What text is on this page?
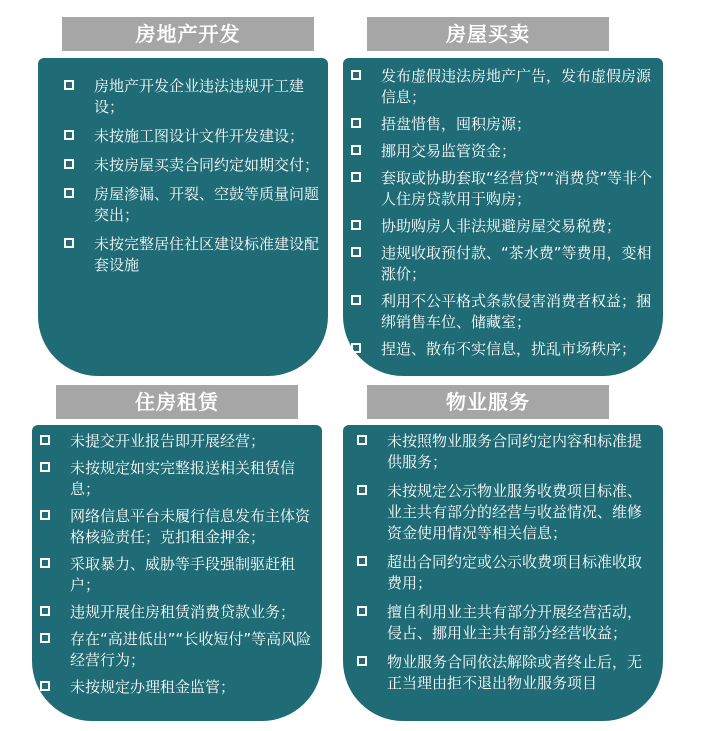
房地产开发	房屋买卖
住房租赁	物业服务
房地产开发企业违法违规开工建设；
未按施工图设计文件开发建设；
未按房屋买卖合同约定如期交付；
房屋渗漏、开裂、空鼓等质量问题突出；
未按完整居住社区建设标准建设配套设施
发布虚假违法房地产广告，发布虚假房源信息；
捂盘惜售，囤积房源；
挪用交易监管资金；
套取或协助套取“经营贷”“消费贷”等非个人住房贷款用于购房；
协助购房人非法规避房屋交易税费；
违规收取预付款、“茶水费”等费用，变相涨价；
利用不公平格式条款侵害消费者权益；捆绑销售车位、储藏室；
捏造、散布不实信息，扰乱市场秩序；
未提交开业报告即开展经营；
未按规定如实完整报送相关租赁信息；
网络信息平台未履行信息发布主体资格核验责任；克扣租金押金；
采取暴力、威胁等手段强制驱赶租户；
违规开展住房租赁消费贷款业务；
存在“高进低出”“长收短付”等高风险经营行为；
未按规定办理租金监管；
未按照物业服务合同约定内容和标准提供服务；
未按规定公示物业服务收费项目标准、业主共有部分的经营与收益情况、维修资金使用情况等相关信息；
超出合同约定或公示收费项目标准收取费用；
擅自利用业主共有部分开展经营活动，侵占、挪用业主共有部分经营收益；
物业服务合同依法解除或者终止后，无正当理由拒不退出物业服务项目
